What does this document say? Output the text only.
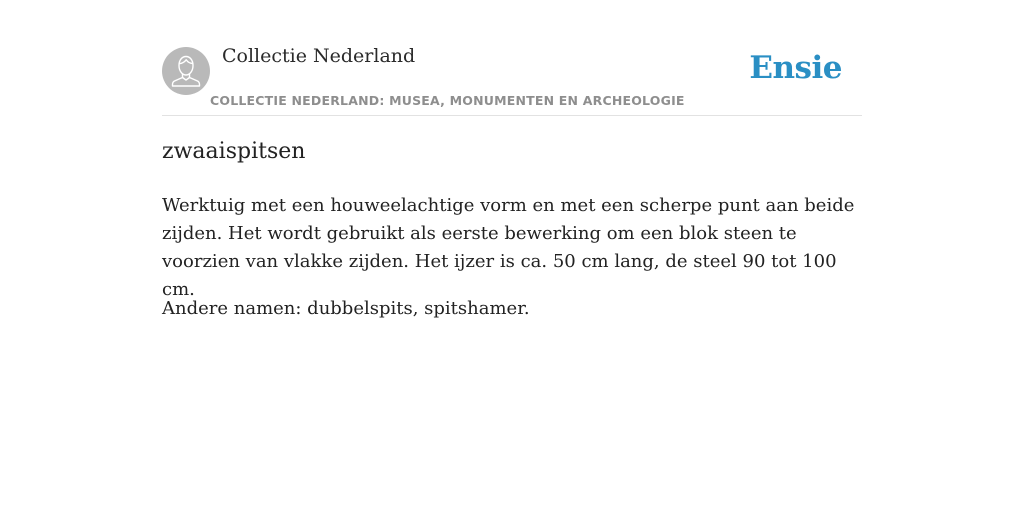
Collectie Nederland
COLLECTIE NEDERLAND: MUSEA, MONUMENTEN EN ARCHEOLOGIE
Ensie
zwaaispitsen

Werktuig met een houweelachtige vorm en met een scherpe punt aan beide zijden. Het wordt gebruikt als eerste bewerking om een blok steen te voorzien van vlakke zijden. Het ijzer is ca. 50 cm lang, de steel 90 tot 100 cm.

Andere namen: dubbelspits, spitshamer.
